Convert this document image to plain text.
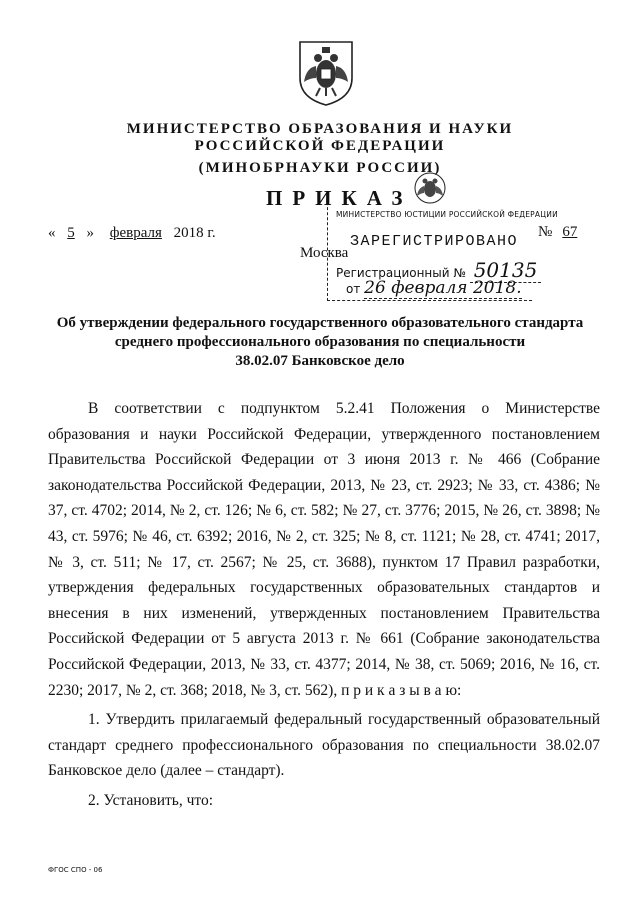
МИНИСТЕРСТВО ОБРАЗОВАНИЯ И НАУКИ
РОССИЙСКОЙ ФЕДЕРАЦИИ
(МИНОБРНАУКИ РОССИИ)
ПРИКАЗ
МИНИСТЕРСТВО ЮСТИЦИИ РОССИЙСКОЙ ФЕДЕРАЦИИ
ЗАРЕГИСТРИРОВАНО
Регистрационный № 50135
от 26 февраля 2018.
« 5 » февраля 2018 г.	№ 67
Москва
Об утверждении федерального государственного образовательного стандарта
среднего профессионального образования по специальности
38.02.07 Банковское дело

В соответствии с подпунктом 5.2.41 Положения о Министерстве образования и науки Российской Федерации, утвержденного постановлением Правительства Российской Федерации от 3 июня 2013 г. № 466 (Собрание законодательства Российской Федерации, 2013, № 23, ст. 2923; № 33, ст. 4386; № 37, ст. 4702; 2014, № 2, ст. 126; № 6, ст. 582; № 27, ст. 3776; 2015, № 26, ст. 3898; № 43, ст. 5976; № 46, ст. 6392; 2016, № 2, ст. 325; № 8, ст. 1121; № 28, ст. 4741; 2017, № 3, ст. 511; № 17, ст. 2567; № 25, ст. 3688), пунктом 17 Правил разработки, утверждения федеральных государственных образовательных стандартов и внесения в них изменений, утвержденных постановлением Правительства Российской Федерации от 5 августа 2013 г. № 661 (Собрание законодательства Российской Федерации, 2013, № 33, ст. 4377; 2014, № 38, ст. 5069; 2016, № 16, ст. 2230; 2017, № 2, ст. 368; 2018, № 3, ст. 562), п р и к а з ы в а ю:

1. Утвердить прилагаемый федеральный государственный образовательный стандарт среднего профессионального образования по специальности 38.02.07 Банковское дело (далее – стандарт).

2. Установить, что:

ФГОС СПО - 06
